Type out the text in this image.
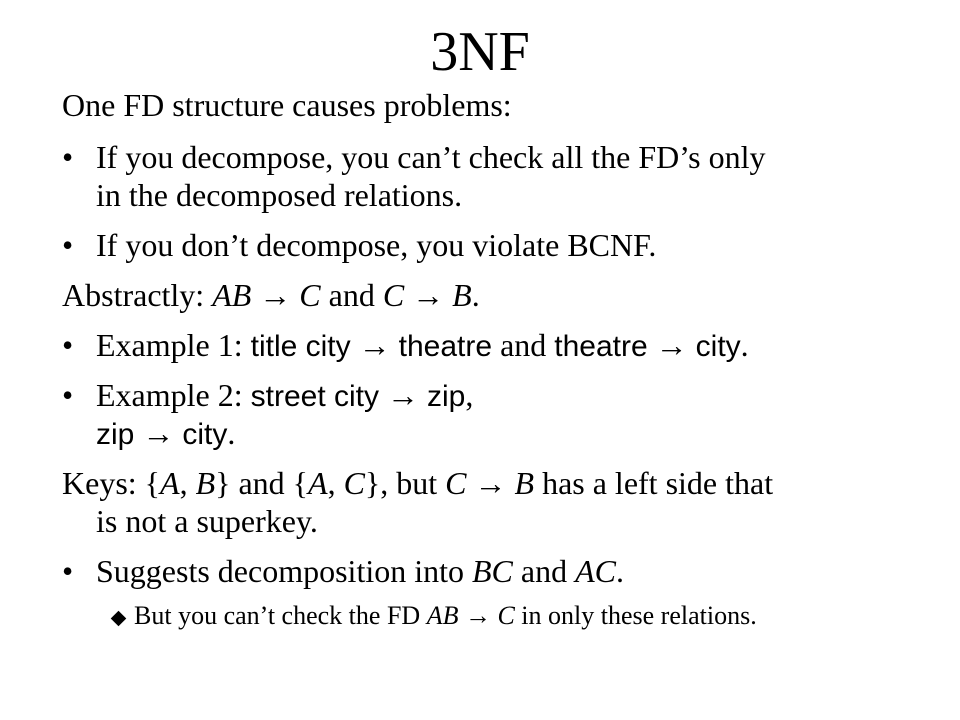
3NF
One FD structure causes problems:
• If you decompose, you can’t check all the FD’s only
in the decomposed relations.
• If you don’t decompose, you violate BCNF.
Abstractly: AB → C and C → B.
• Example 1: title city → theatre and theatre → city.
• Example 2: street city → zip,
zip → city.
Keys: {A, B} and {A, C}, but C → B has a left side that
is not a superkey.
• Suggests decomposition into BC and AC.
But you can’t check the FD AB → C in only these relations.
